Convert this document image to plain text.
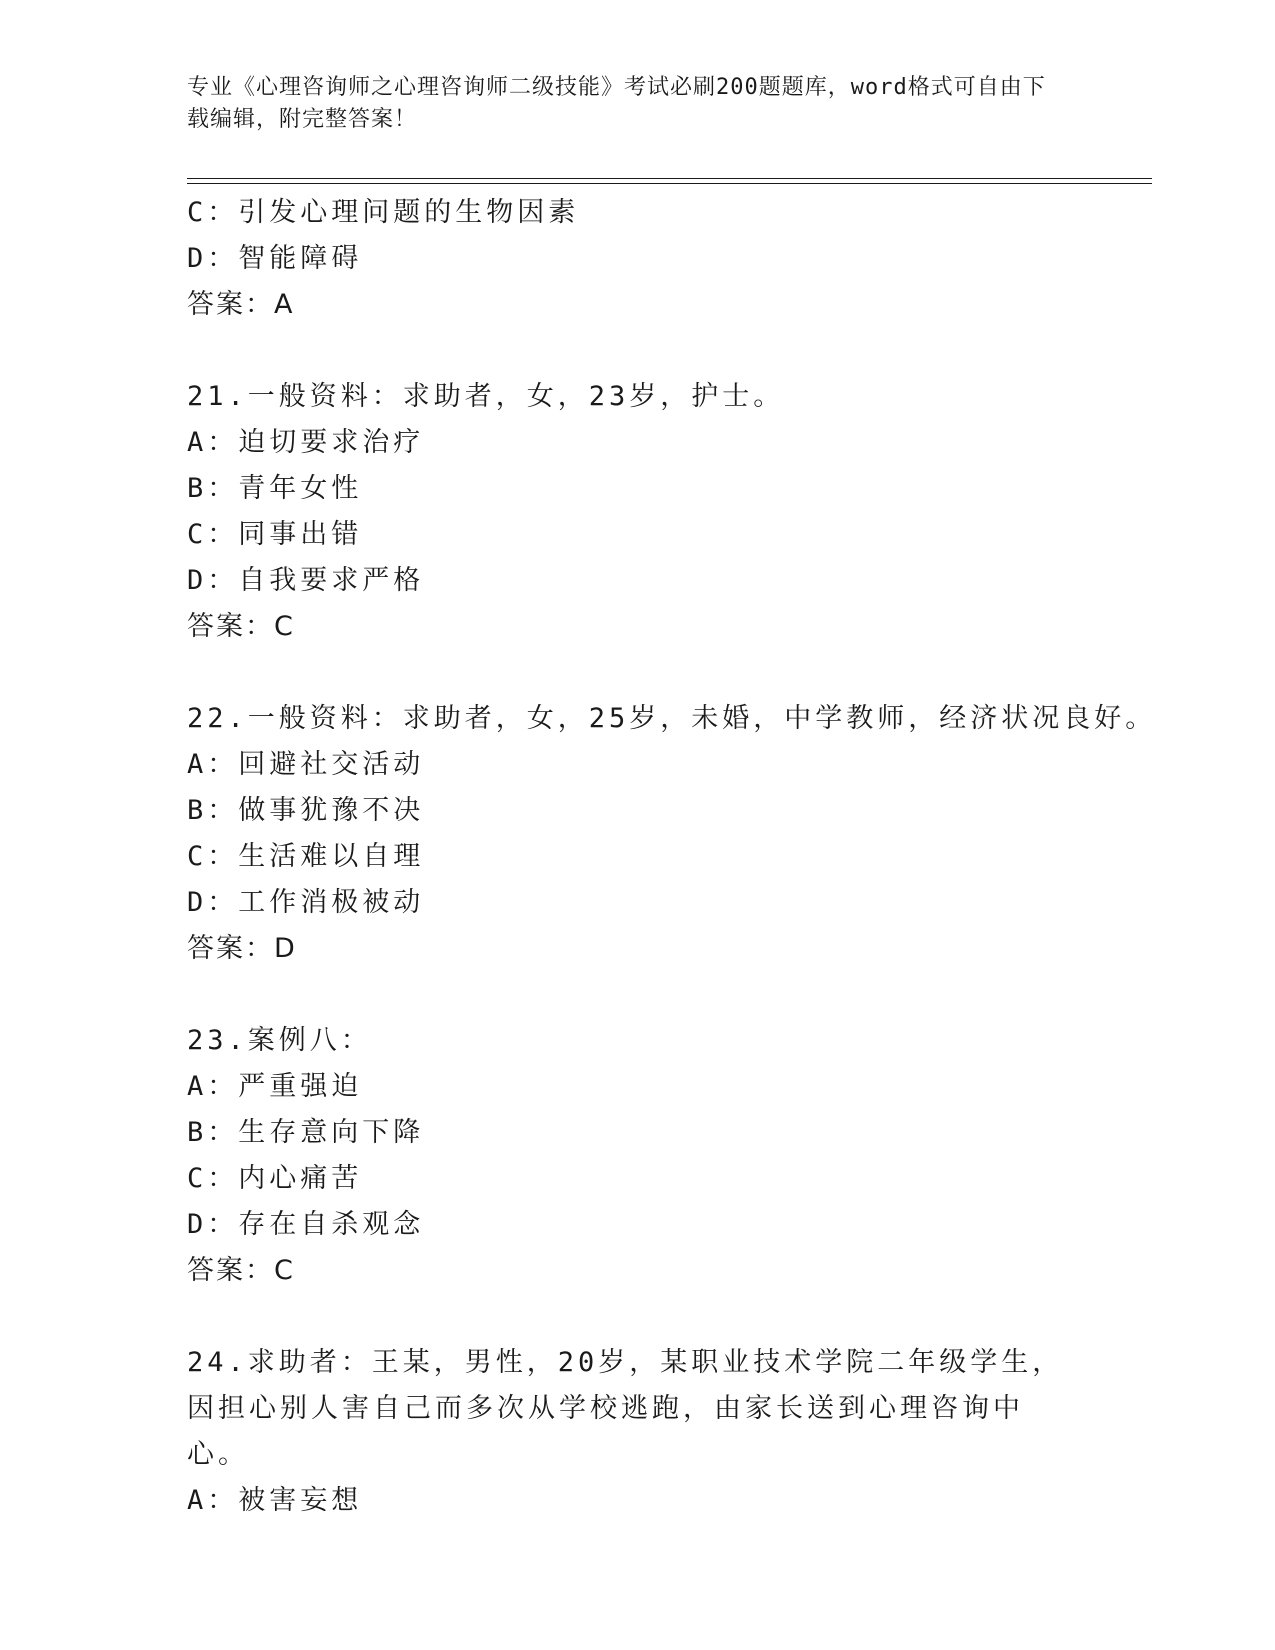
专业《心理咨询师之心理咨询师二级技能》考试必刷200题题库，word格式可自由下载编辑，附完整答案！
C：引发心理问题的生物因素
D：智能障碍
答案：A
21.一般资料：求助者，女，23岁，护士。
A：迫切要求治疗
B：青年女性
C：同事出错
D：自我要求严格
答案：C
22.一般资料：求助者，女，25岁，未婚，中学教师，经济状况良好。
A：回避社交活动
B：做事犹豫不决
C：生活难以自理
D：工作消极被动
答案：D
23.案例八：
A：严重强迫
B：生存意向下降
C：内心痛苦
D：存在自杀观念
答案：C
24.求助者：王某，男性，20岁，某职业技术学院二年级学生，因担心别人害自己而多次从学校逃跑，由家长送到心理咨询中心。
A：被害妄想
